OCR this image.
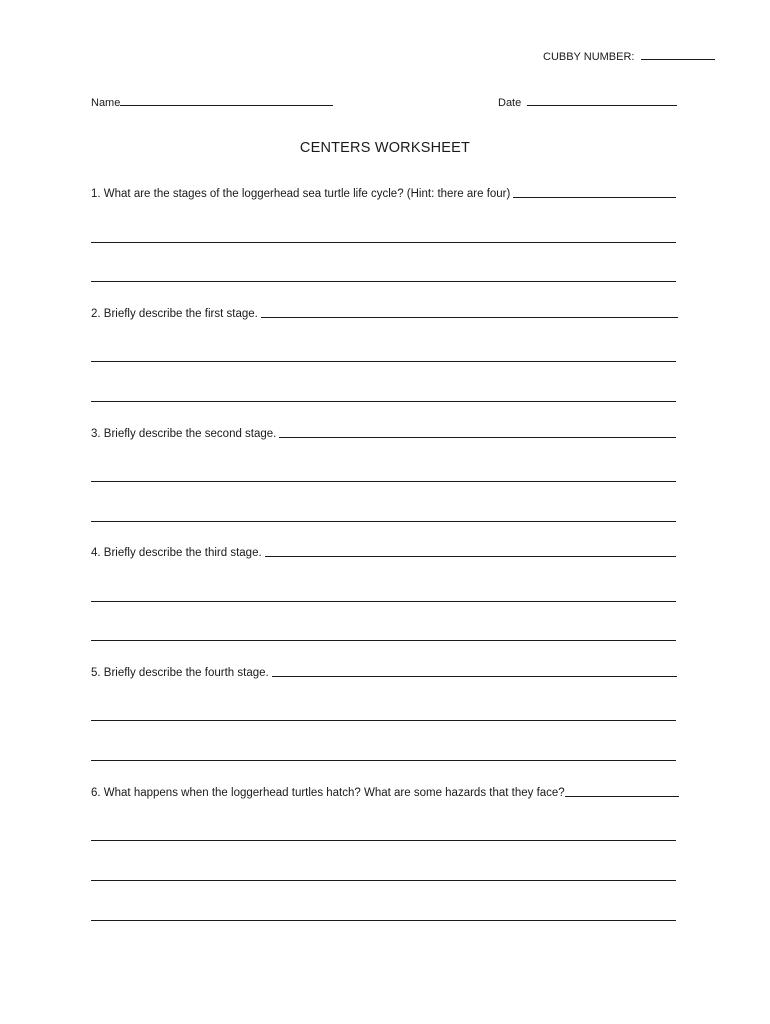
CUBBY NUMBER:
Name	Date
CENTERS WORKSHEET
1. What are the stages of the loggerhead sea turtle life cycle? (Hint: there are four)
2. Briefly describe the first stage.
3. Briefly describe the second stage.
4. Briefly describe the third stage.
5. Briefly describe the fourth stage.
6. What happens when the loggerhead turtles hatch? What are some hazards that they face?
